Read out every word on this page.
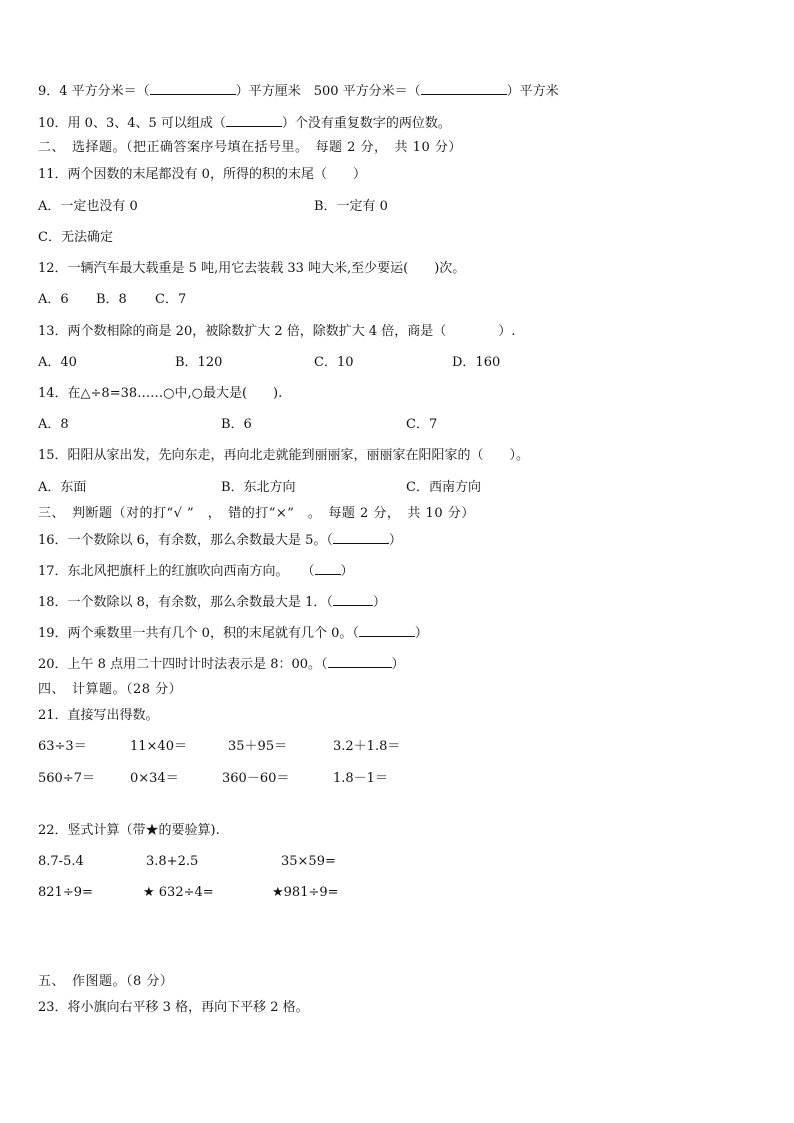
9．4 平方分米＝（	）平方厘米　500 平方分米＝（	）平方米
10．用 0、3、4、5 可以组成（	）个没有重复数字的两位数。
二、　选择题。（把正确答案序号填在括号里。　每题 2 分，　共 10 分）
11．两个因数的末尾都没有 0，所得的积的末尾（　　）
A．一定也没有 0	B．一定有 0
C．无法确定
12．一辆汽车最大载重是 5 吨,用它去装载 33 吨大米,至少要运(　　)次。
A．6 B．8 C．7
13．两个数相除的商是 20，被除数扩大 2 倍，除数扩大 4 倍，商是（　　　　）.
A．40	B．120	C．10	D．160
14．在△÷8=38……○中,○最大是(　　).
A．8	B．6	C．7
15．阳阳从家出发，先向东走，再向北走就能到丽丽家，丽丽家在阳阳家的（　　）。
A．东面	B．东北方向	C．西南方向
三、　判断题（对的打“√ ”　，　错的打“×”　。　每题 2 分，　共 10 分）
16．一个数除以 6，有余数，那么余数最大是 5。（	）
17．东北风把旗杆上的红旗吹向西南方向。　　（ ）
18．一个数除以 8，有余数，那么余数最大是 1．（	）
19．两个乘数里一共有几个 0，积的末尾就有几个 0。（	）
20．上午 8 点用二十四时计时法表示是 8：00。（	）
四、　计算题。（28 分）
21．直接写出得数。
63÷3＝	11×40＝	35＋95＝	3.2＋1.8＝
560÷7＝	0×34＝	360－60＝	1.8－1＝
22．竖式计算（带★的要验算).
8.7-5.4	3.8+2.5	35×59=
821÷9=	★ 632÷4=	★981÷9=
五、　作图题。（8 分）
23．将小旗向右平移 3 格，再向下平移 2 格。
